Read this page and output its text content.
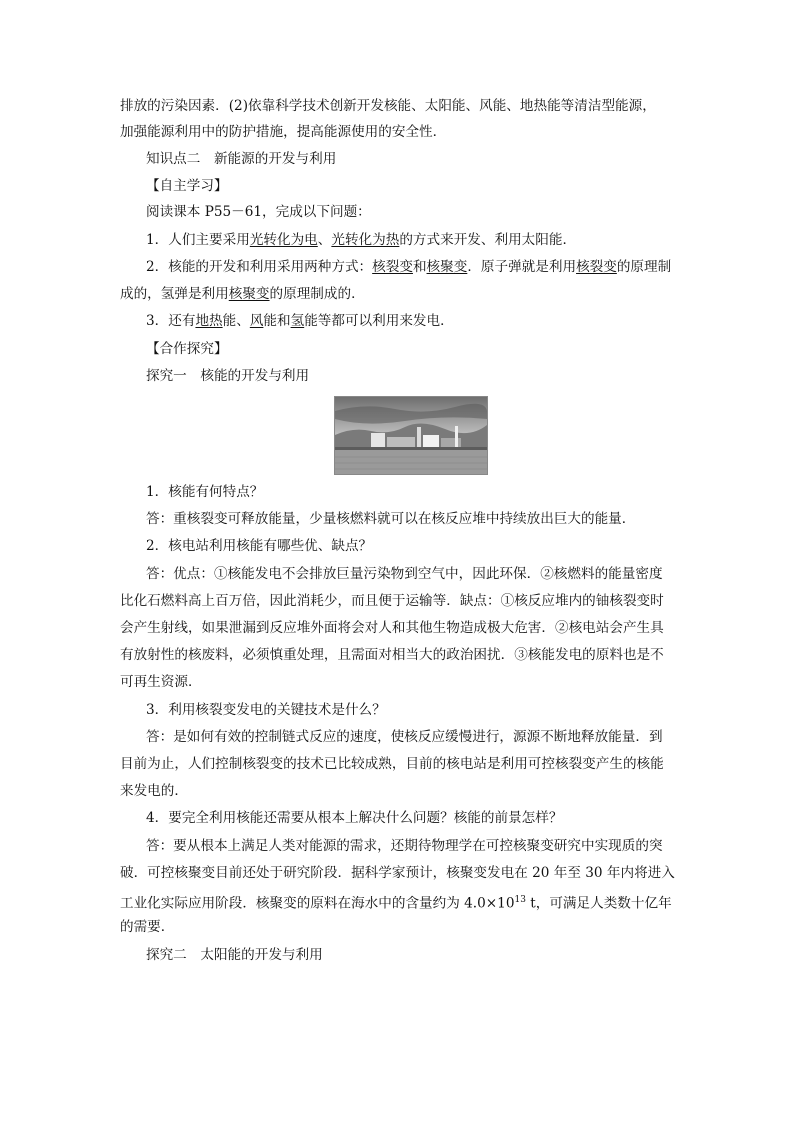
排放的污染因素．(2)依靠科学技术创新开发核能、太阳能、风能、地热能等清洁型能源，
加强能源利用中的防护措施，提高能源使用的安全性．
知识点二　新能源的开发与利用
【自主学习】
阅读课本 P55－61，完成以下问题：
1．人们主要采用光转化为电、光转化为热的方式来开发、利用太阳能．
2．核能的开发和利用采用两种方式：核裂变和核聚变．原子弹就是利用核裂变的原理制
成的，氢弹是利用核聚变的原理制成的．
3．还有地热能、风能和氢能等都可以利用来发电．
【合作探究】
探究一　核能的开发与利用
1．核能有何特点？
答：重核裂变可释放能量，少量核燃料就可以在核反应堆中持续放出巨大的能量．
2．核电站利用核能有哪些优、缺点？
答：优点：①核能发电不会排放巨量污染物到空气中，因此环保．②核燃料的能量密度
比化石燃料高上百万倍，因此消耗少，而且便于运输等．缺点：①核反应堆内的铀核裂变时
会产生射线，如果泄漏到反应堆外面将会对人和其他生物造成极大危害．②核电站会产生具
有放射性的核废料，必须慎重处理，且需面对相当大的政治困扰．③核能发电的原料也是不
可再生资源．
3．利用核裂变发电的关键技术是什么？
答：是如何有效的控制链式反应的速度，使核反应缓慢进行，源源不断地释放能量．到
目前为止，人们控制核裂变的技术已比较成熟，目前的核电站是利用可控核裂变产生的核能
来发电的．
4．要完全利用核能还需要从根本上解决什么问题？核能的前景怎样？
答：要从根本上满足人类对能源的需求，还期待物理学在可控核聚变研究中实现质的突
破．可控核聚变目前还处于研究阶段．据科学家预计，核聚变发电在 20 年至 30 年内将进入
工业化实际应用阶段．核聚变的原料在海水中的含量约为 $4.0\times 10^{13}$ t，可满足人类数十亿年
的需要．
探究二　太阳能的开发与利用
